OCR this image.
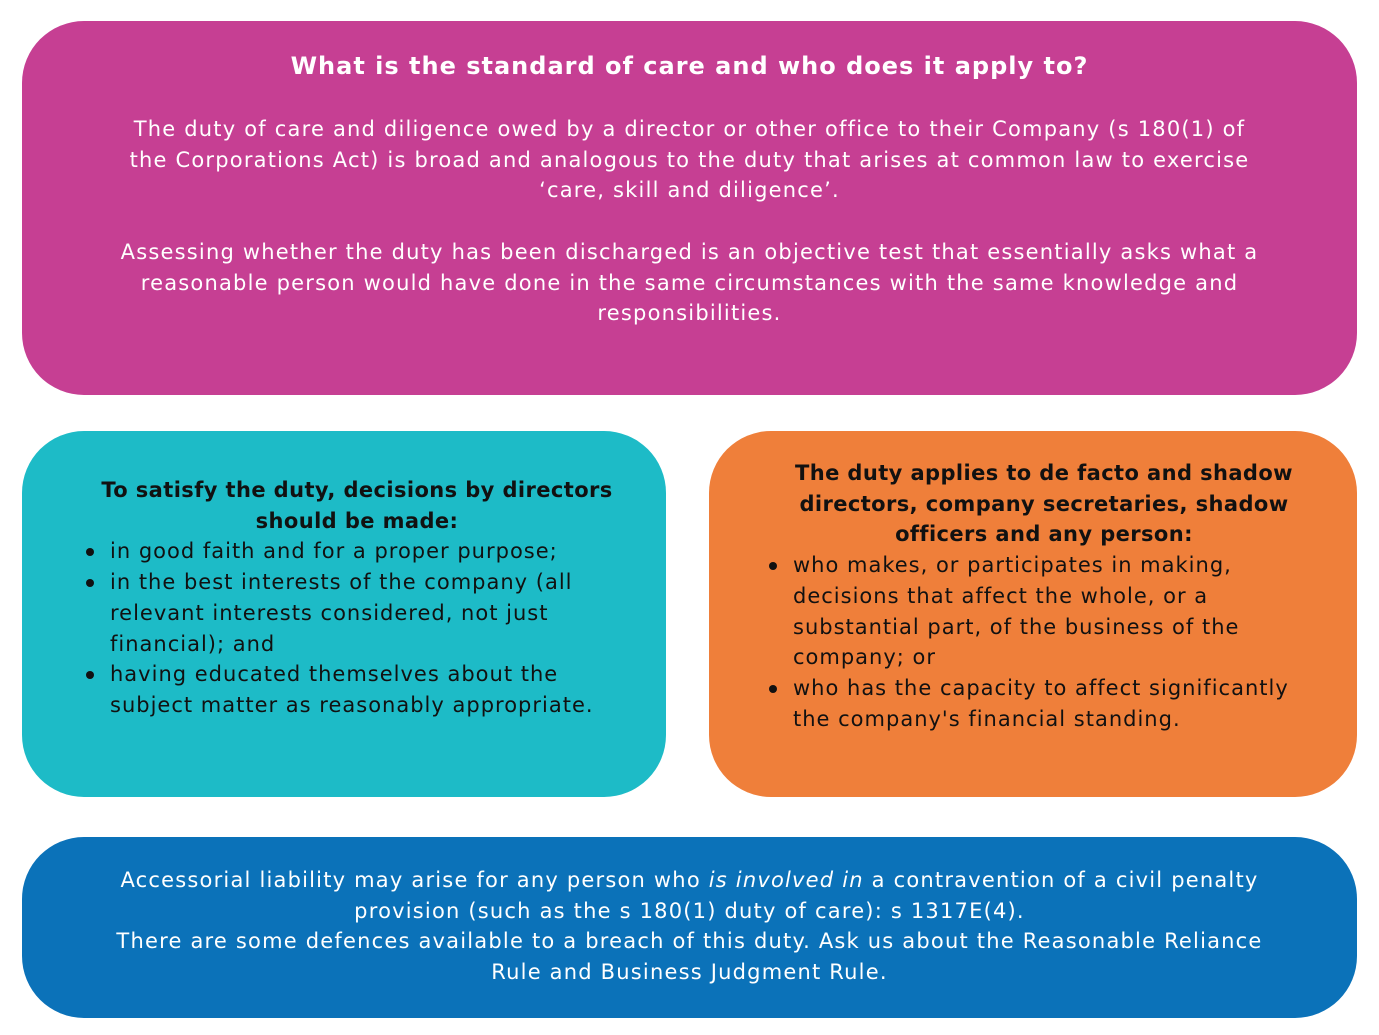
What is the standard of care and who does it apply to?

The duty of care and diligence owed by a director or other office to their Company (s 180(1) of the Corporations Act) is broad and analogous to the duty that arises at common law to exercise ‘care, skill and diligence’.

Assessing whether the duty has been discharged is an objective test that essentially asks what a reasonable person would have done in the same circumstances with the same knowledge and responsibilities.

To satisfy the duty, decisions by directors should be made:
in good faith and for a proper purpose;
in the best interests of the company (all relevant interests considered, not just financial); and
having educated themselves about the subject matter as reasonably appropriate.
The duty applies to de facto and shadow directors, company secretaries, shadow officers and any person:
who makes, or participates in making, decisions that affect the whole, or a substantial part, of the business of the company; or
who has the capacity to affect significantly the company's financial standing.

Accessorial liability may arise for any person who is involved in a contravention of a civil penalty provision (such as the s 180(1) duty of care): s 1317E(4).

There are some defences available to a breach of this duty. Ask us about the Reasonable Reliance Rule and Business Judgment Rule.
